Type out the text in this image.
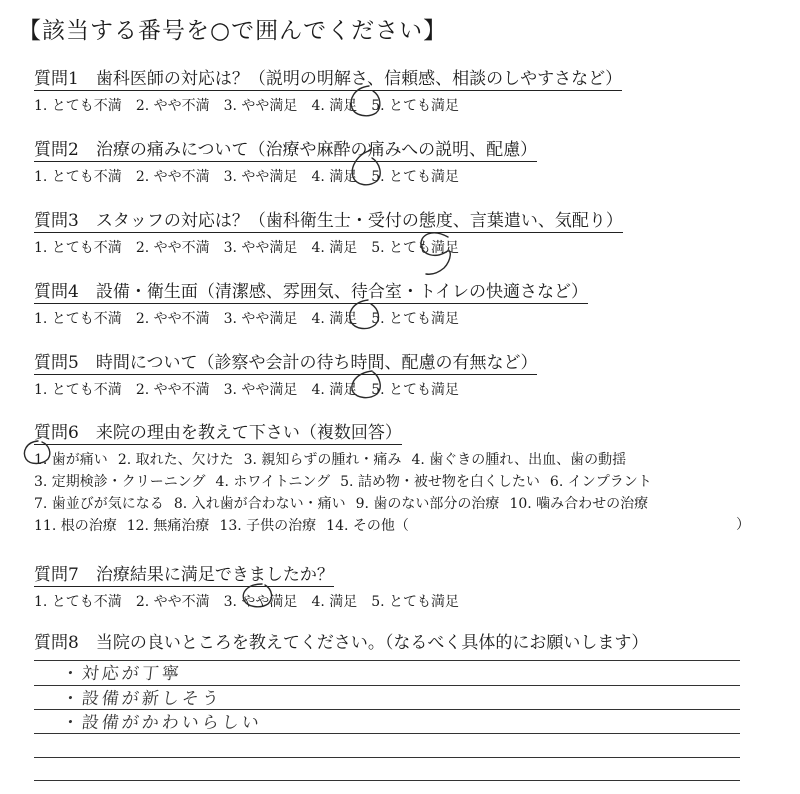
【該当する番号を○で囲んでください】
質問1　歯科医師の対応は？（説明の明解さ、信頼感、相談のしやすさなど）
1. とても不満 2. やや不満 3. やや満足 4. 満足 5. とても満足
質問2　治療の痛みについて（治療や麻酔の痛みへの説明、配慮）
1. とても不満 2. やや不満 3. やや満足 4. 満足 5. とても満足
質問3　スタッフの対応は？（歯科衛生士・受付の態度、言葉遣い、気配り）
1. とても不満 2. やや不満 3. やや満足 4. 満足 5. とても満足
質問4　設備・衛生面（清潔感、雰囲気、待合室・トイレの快適さなど）
1. とても不満 2. やや不満 3. やや満足 4. 満足 5. とても満足
質問5　時間について（診察や会計の待ち時間、配慮の有無など）
1. とても不満 2. やや不満 3. やや満足 4. 満足 5. とても満足
質問6　来院の理由を教えて下さい（複数回答）
1. 歯が痛い 2. 取れた、欠けた 3. 親知らずの腫れ・痛み 4. 歯ぐきの腫れ、出血、歯の動揺
3. 定期検診・クリーニング 4. ホワイトニング 5. 詰め物・被せ物を白くしたい 6. インプラント
7. 歯並びが気になる 8. 入れ歯が合わない・痛い 9. 歯のない部分の治療 10. 噛み合わせの治療
11. 根の治療 12. 無痛治療 13. 子供の治療 14. その他（	）
質問7　治療結果に満足できましたか？
1. とても不満 2. やや不満 3. やや満足 4. 満足 5. とても満足
質問8　当院の良いところを教えてください。（なるべく具体的にお願いします）
・対応が丁寧
・設備が新しそう
・設備がかわいらしい
